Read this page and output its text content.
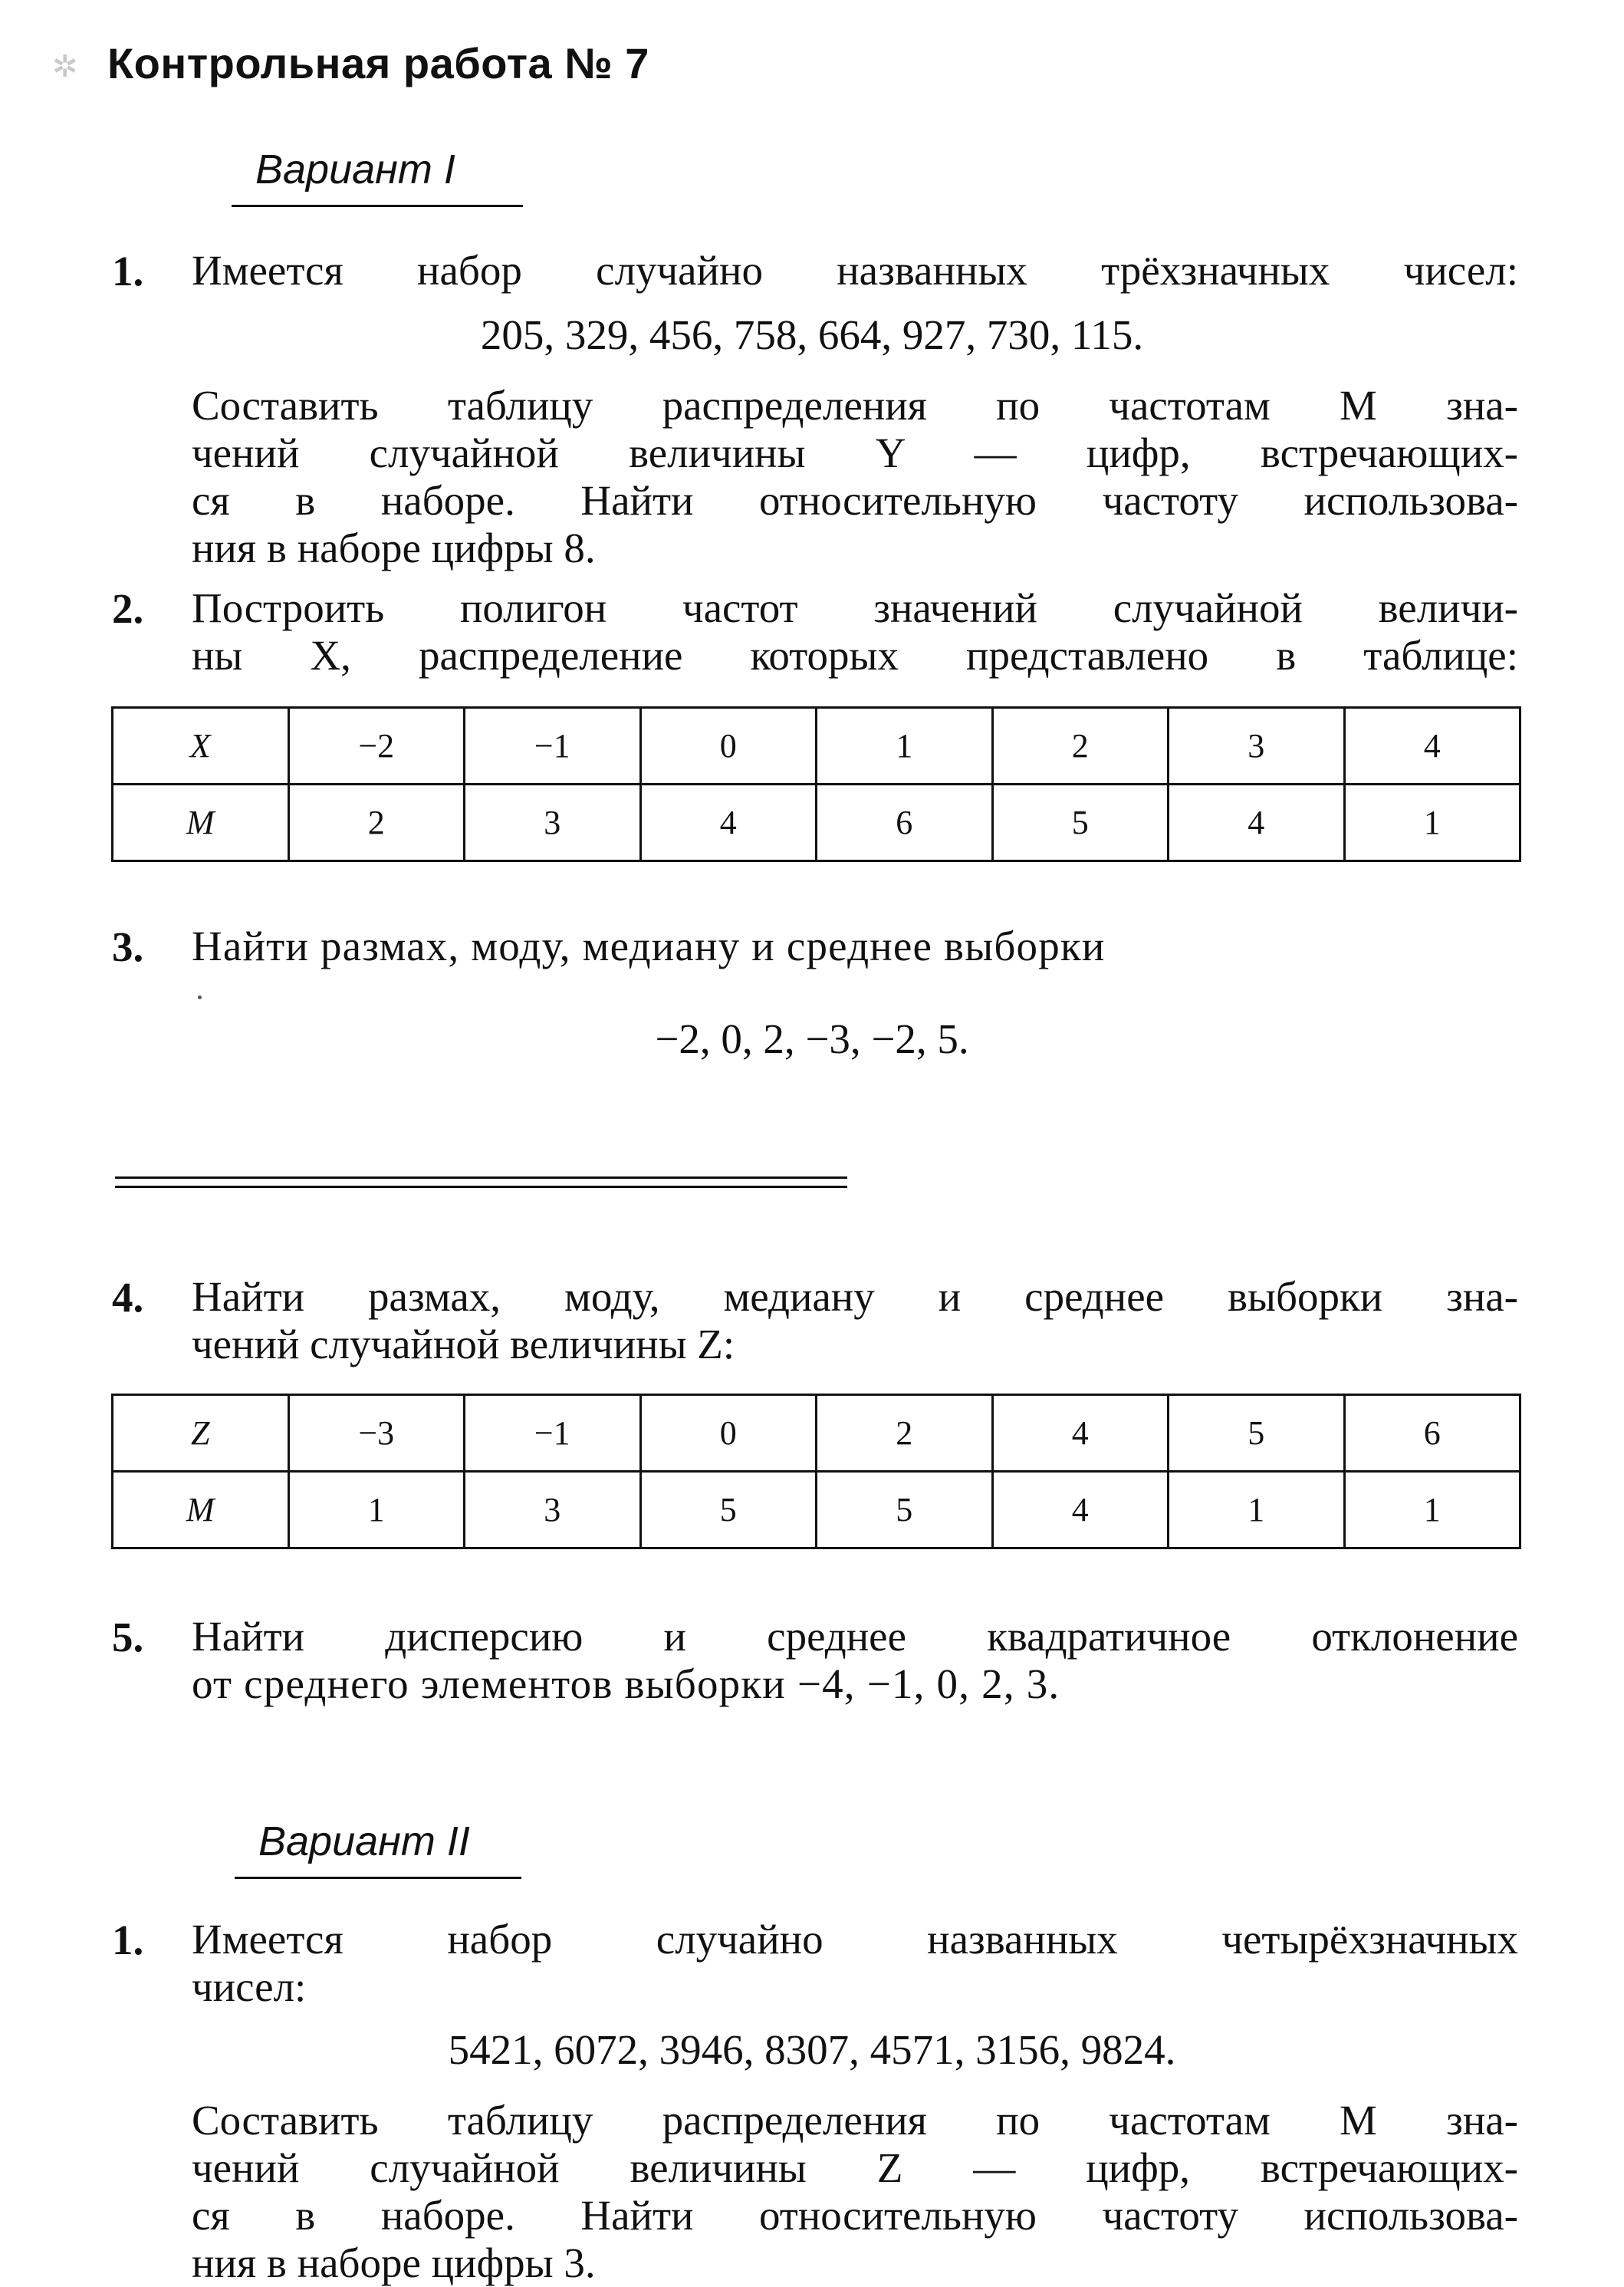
✲ Контрольная работа № 7
Вариант I
1. Имеется набор случайно названных трёхзначных чисел:
205, 329, 456, 758, 664, 927, 730, 115.
Составить таблицу распределения по частотам M зна-
чений случайной величины Y — цифр, встречающих-
ся в наборе. Найти относительную частоту использова-
ния в наборе цифры 8.
2. Построить полигон частот значений случайной величи-
ны X, распределение которых представлено в таблице:
X	−2	−1	0	1	2	3	4
M	2	3	4	6	5	4	1
3. Найти размах, моду, медиану и среднее выборки
−2, 0, 2, −3, −2, 5.
4. Найти размах, моду, медиану и среднее выборки зна-
чений случайной величины Z:
Z	−3	−1	0	2	4	5	6
M	1	3	5	5	4	1	1
5. Найти дисперсию и среднее квадратичное отклонение
от среднего элементов выборки −4, −1, 0, 2, 3.
Вариант II
1. Имеется набор случайно названных четырёхзначных
чисел:
5421, 6072, 3946, 8307, 4571, 3156, 9824.
Составить таблицу распределения по частотам M зна-
чений случайной величины Z — цифр, встречающих-
ся в наборе. Найти относительную частоту использова-
ния в наборе цифры 3.
